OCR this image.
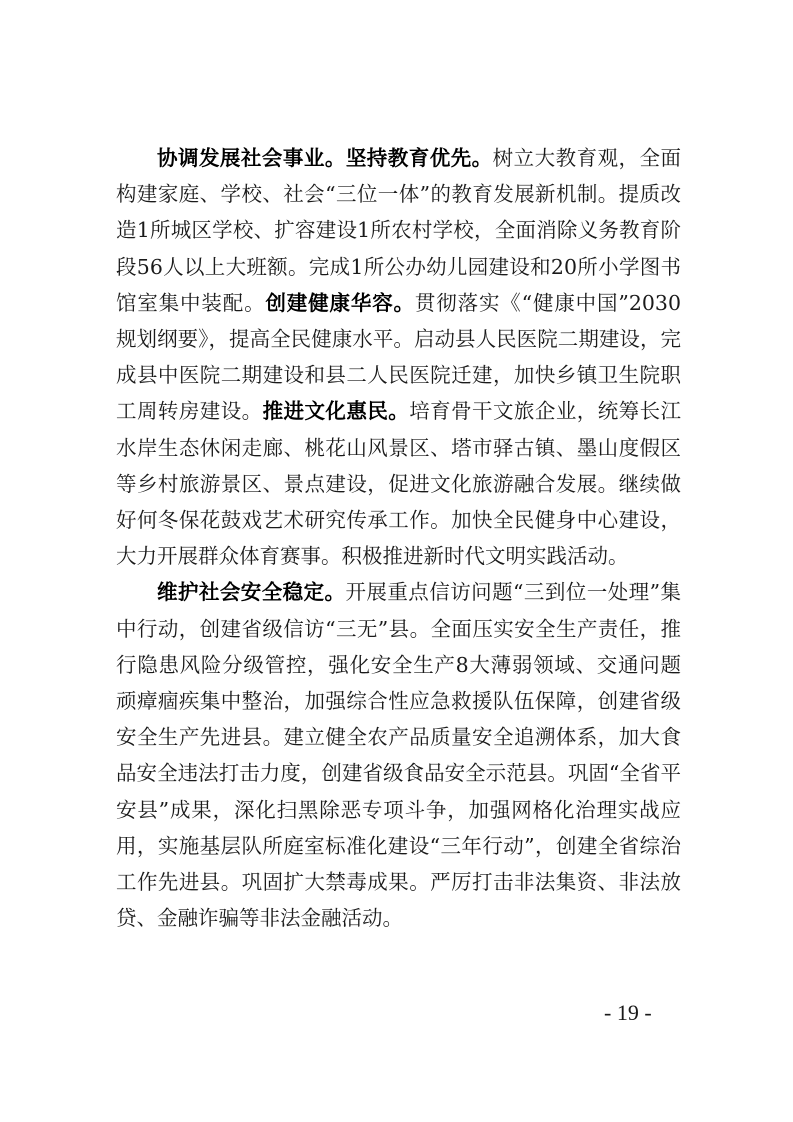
协调发展社会事业。坚持教育优先。树立大教育观，全面构建家庭、学校、社会“三位一体”的教育发展新机制。提质改造1所城区学校、扩容建设1所农村学校，全面消除义务教育阶段56人以上大班额。完成1所公办幼儿园建设和20所小学图书馆室集中装配。创建健康华容。贯彻落实《“健康中国”2030规划纲要》，提高全民健康水平。启动县人民医院二期建设，完成县中医院二期建设和县二人民医院迁建，加快乡镇卫生院职工周转房建设。推进文化惠民。培育骨干文旅企业，统筹长江水岸生态休闲走廊、桃花山风景区、塔市驿古镇、墨山度假区等乡村旅游景区、景点建设，促进文化旅游融合发展。继续做好何冬保花鼓戏艺术研究传承工作。加快全民健身中心建设，大力开展群众体育赛事。积极推进新时代文明实践活动。

维护社会安全稳定。开展重点信访问题“三到位一处理”集中行动，创建省级信访“三无”县。全面压实安全生产责任，推行隐患风险分级管控，强化安全生产8大薄弱领域、交通问题顽瘴痼疾集中整治，加强综合性应急救援队伍保障，创建省级安全生产先进县。建立健全农产品质量安全追溯体系，加大食品安全违法打击力度，创建省级食品安全示范县。巩固“全省平安县”成果，深化扫黑除恶专项斗争，加强网格化治理实战应用，实施基层队所庭室标准化建设“三年行动”，创建全省综治工作先进县。巩固扩大禁毒成果。严厉打击非法集资、非法放贷、金融诈骗等非法金融活动。

- 19 -
